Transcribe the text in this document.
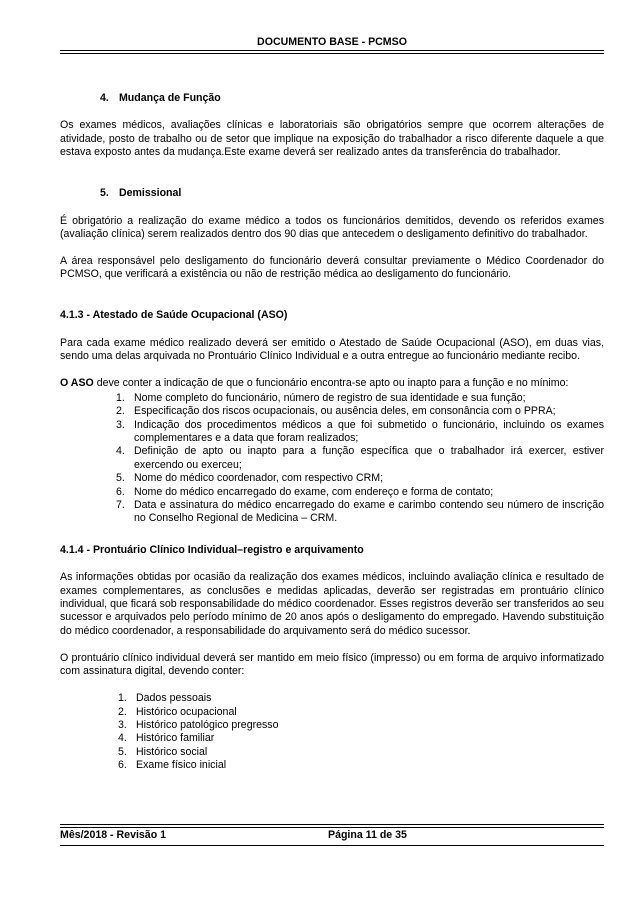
DOCUMENTO BASE - PCMSO
4. Mudança de Função

Os exames médicos, avaliações clínicas e laboratoriais são obrigatórios sempre que ocorrem alterações de atividade, posto de trabalho ou de setor que implique na exposição do trabalhador a risco diferente daquele a que estava exposto antes da mudança.Este exame deverá ser realizado antes da transferência do trabalhador.

5. Demissional

É obrigatório a realização do exame médico a todos os funcionários demitidos, devendo os referidos exames (avaliação clínica) serem realizados dentro dos 90 dias que antecedem o desligamento definitivo do trabalhador.

A área responsável pelo desligamento do funcionário deverá consultar previamente o Médico Coordenador do PCMSO, que verificará a existência ou não de restrição médica ao desligamento do funcionário.

4.1.3 - Atestado de Saúde Ocupacional (ASO)

Para cada exame médico realizado deverá ser emitido o Atestado de Saúde Ocupacional (ASO), em duas vias, sendo uma delas arquivada no Prontuário Clínico Individual e a outra entregue ao funcionário mediante recibo.

O ASO deve conter a indicação de que o funcionário encontra-se apto ou inapto para a função e no mínimo:

1. Nome completo do funcionário, número de registro de sua identidade e sua função;
2. Especificação dos riscos ocupacionais, ou ausência deles, em consonância com o PPRA;
3. Indicação dos procedimentos médicos a que foi submetido o funcionário, incluindo os exames complementares e a data que foram realizados;
4. Definição de apto ou inapto para a função específica que o trabalhador irá exercer, estiver exercendo ou exerceu;
5. Nome do médico coordenador, com respectivo CRM;
6. Nome do médico encarregado do exame, com endereço e forma de contato;
7. Data e assinatura do médico encarregado do exame e carimbo contendo seu número de inscrição no Conselho Regional de Medicina – CRM.
4.1.4 - Prontuário Clínico Individual–registro e arquivamento

As informações obtidas por ocasião da realização dos exames médicos, incluindo avaliação clínica e resultado de exames complementares, as conclusões e medidas aplicadas, deverão ser registradas em prontuário clínico individual, que ficará sob responsabilidade do médico coordenador. Esses registros deverão ser transferidos ao seu sucessor e arquivados pelo período mínimo de 20 anos após o desligamento do empregado. Havendo substituição do médico coordenador, a responsabilidade do arquivamento será do médico sucessor.

O prontuário clínico individual deverá ser mantido em meio físico (impresso) ou em forma de arquivo informatizado com assinatura digital, devendo conter:

1. Dados pessoais
2. Histórico ocupacional
3. Histórico patológico pregresso
4. Histórico familiar
5. Histórico social
6. Exame físico inicial
Mês/2018 - Revisão 1	Página 11 de 35
